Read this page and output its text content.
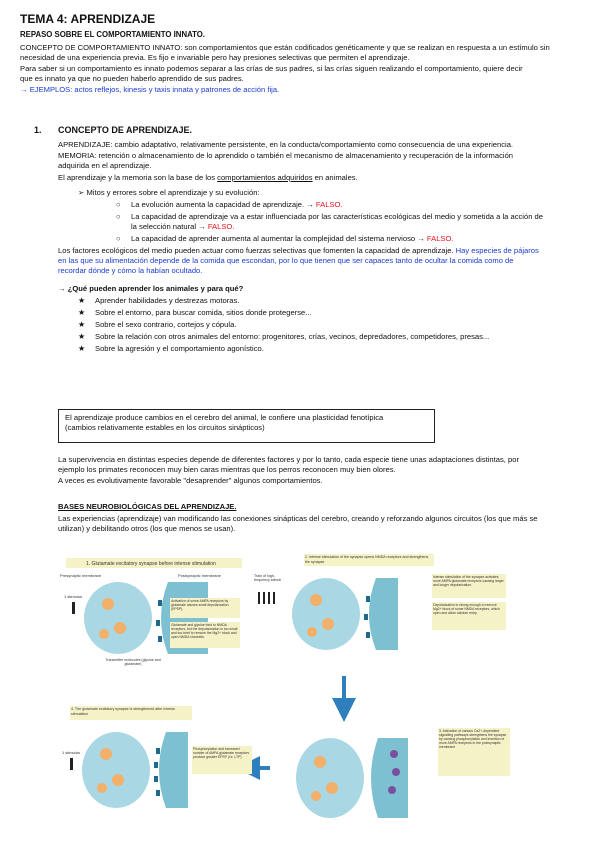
TEMA 4: APRENDIZAJE
REPASO SOBRE EL COMPORTAMIENTO INNATO.
CONCEPTO DE COMPORTAMIENTO INNATO: son comportamientos que están codificados genéticamente y que se realizan en respuesta a un estímulo sin
necesidad de una experiencia previa. Es fijo e invariable pero hay presiones selectivas que permiten el aprendizaje.
Para saber si un comportamiento es innato podemos separar a las crías de sus padres, si las crías siguen realizando el comportamiento, quiere decir
que es innato ya que no pueden haberlo aprendido de sus padres.
→ EJEMPLOS: actos reflejos, kinesis y taxis innata y patrones de acción fija.
1. CONCEPTO DE APRENDIZAJE.
APRENDIZAJE: cambio adaptativo, relativamente persistente, en la conducta/comportamiento como consecuencia de una experiencia.
MEMORIA: retención o almacenamiento de lo aprendido o también el mecanismo de almacenamiento y recuperación de la información
adquirida en el aprendizaje.
El aprendizaje y la memoria son la base de los comportamientos adquiridos en animales.
➢ Mitos y errores sobre el aprendizaje y su evolución:
○ La evolución aumenta la capacidad de aprendizaje. → FALSO.
○ La capacidad de aprendizaje va a estar influenciada por las características ecológicas del medio y sometida a la acción de
la selección natural → FALSO.
○ La capacidad de aprender aumenta al aumentar la complejidad del sistema nervioso → FALSO.
Los factores ecológicos del medio pueden actuar como fuerzas selectivas que fomenten la capacidad de aprendizaje. Hay especies de pájaros
en las que su alimentación depende de la comida que escondan, por lo que tienen que ser capaces tanto de ocultar la comida como de
recordar dónde y cómo la habían ocultado.
→ ¿Qué pueden aprender los animales y para qué?
★ Aprender habilidades y destrezas motoras.
★ Sobre el entorno, para buscar comida, sitios donde protegerse...
★ Sobre el sexo contrario, cortejos y cópula.
★ Sobre la relación con otros animales del entorno: progenitores, crías, vecinos, depredadores, competidores, presas...
★ Sobre la agresión y el comportamiento agonístico.
El aprendizaje produce cambios en el cerebro del animal, le confiere una plasticidad fenotípica
(cambios relativamente estables en los circuitos sinápticos)
La supervivencia en distintas especies depende de diferentes factores y por lo tanto, cada especie tiene unas adaptaciones distintas, por
ejemplo los primates reconocen muy bien caras mientras que los perros reconocen muy bien olores.
A veces es evolutivamente favorable "desaprender" algunos comportamientos.
BASES NEUROBIOLÓGICAS DEL APRENDIZAJE.
Las experiencias (aprendizaje) van modificando las conexiones sinápticas del cerebro, creando y reforzando algunos circuitos (los que más se
utilizan) y debilitando otros (los que menos se usan).
1. Glutamate excitatory synapse before intense stimulation
Presynaptic membrane	Postsynaptic membrane
1 stimulus
Activation of some AMPA receptors by glutamate causes small depolarization (EPSP).
Glutamate and glycine bind to NMDA receptors, but the depolarization is too small and too brief to remove the Mg2+ block and open NMDA channels.
Transmitter molecules (glycine and glutamate)
2. Intense stimulation of the synapse opens NMDA receptors and strengthens the synapse
Train of high-frequency stimuli
Intense stimulation of the synapse activates more AMPA glutamate receptors causing larger and longer depolarization.
Depolarization is strong enough to remove Mg2+ block of some NMDA receptors, which open and allow calcium entry.
4. The glutamate excitatory synapse is strengthened after intense stimulation
1 stimulus
Phosphorylation and increased number of AMPA glutamate receptors produce greater EPSP (i.e. LTP)
3. Activation of various Ca2+-dependent signalling pathways strengthens the synapse by causing phosphorylation and insertion of more AMPA receptors in the postsynaptic membrane
